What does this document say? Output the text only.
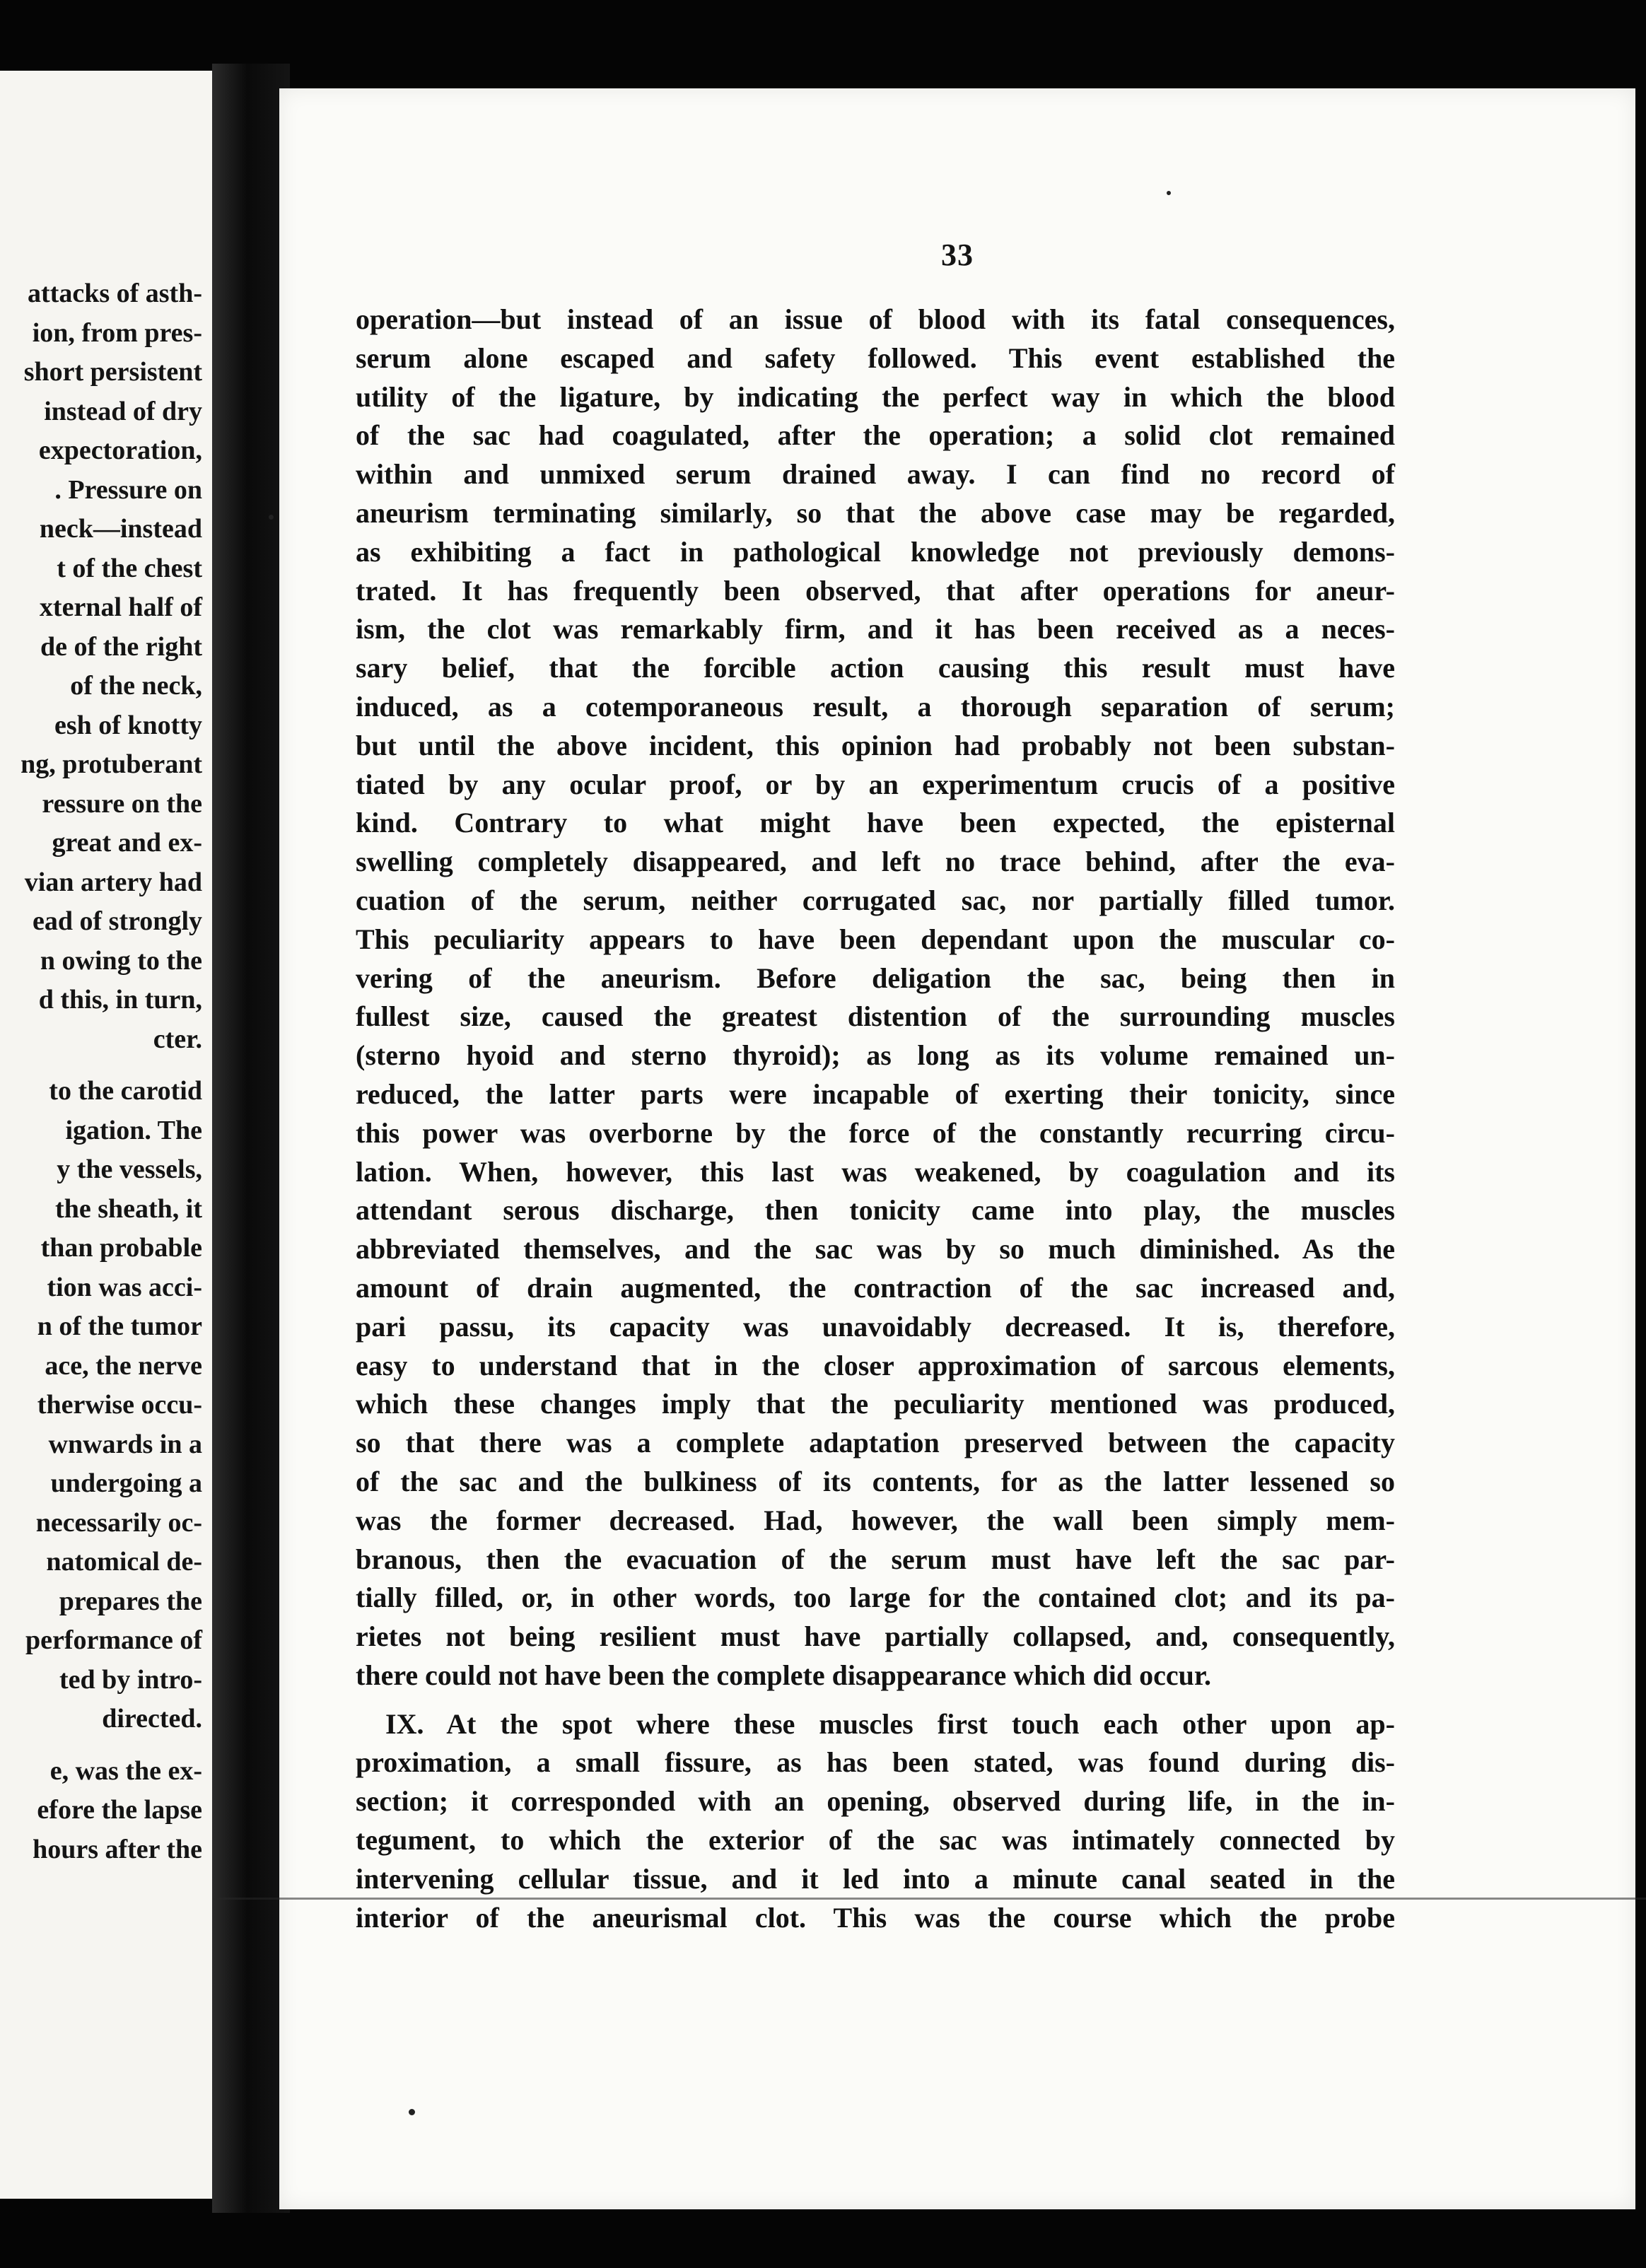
attacks of asth-
ion, from pres-
short persistent
instead of dry
expectoration,
. Pressure on
neck—instead
t of the chest
xternal half of
de of the right
of the neck,
esh of knotty
ng, protuberant
ressure on the
great and ex-
vian artery had
ead of strongly
n owing to the
d this, in turn,
cter.
to the carotid
igation. The
y the vessels,
the sheath, it
than probable
tion was acci-
n of the tumor
ace, the nerve
therwise occu-
wnwards in a
undergoing a
necessarily oc-
natomical de-
prepares the
performance of
ted by intro-
directed.
e, was the ex-
efore the lapse
hours after the
33
operation—but instead of an issue of blood with its fatal consequences,
serum alone escaped and safety followed. This event established the
utility of the ligature, by indicating the perfect way in which the blood
of the sac had coagulated, after the operation; a solid clot remained
within and unmixed serum drained away. I can find no record of
aneurism terminating similarly, so that the above case may be regarded,
as exhibiting a fact in pathological knowledge not previously demons-
trated. It has frequently been observed, that after operations for aneur-
ism, the clot was remarkably firm, and it has been received as a neces-
sary belief, that the forcible action causing this result must have
induced, as a cotemporaneous result, a thorough separation of serum;
but until the above incident, this opinion had probably not been substan-
tiated by any ocular proof, or by an experimentum crucis of a positive
kind. Contrary to what might have been expected, the episternal
swelling completely disappeared, and left no trace behind, after the eva-
cuation of the serum, neither corrugated sac, nor partially filled tumor.
This peculiarity appears to have been dependant upon the muscular co-
vering of the aneurism. Before deligation the sac, being then in
fullest size, caused the greatest distention of the surrounding muscles
(sterno hyoid and sterno thyroid); as long as its volume remained un-
reduced, the latter parts were incapable of exerting their tonicity, since
this power was overborne by the force of the constantly recurring circu-
lation. When, however, this last was weakened, by coagulation and its
attendant serous discharge, then tonicity came into play, the muscles
abbreviated themselves, and the sac was by so much diminished. As the
amount of drain augmented, the contraction of the sac increased and,
pari passu, its capacity was unavoidably decreased. It is, therefore,
easy to understand that in the closer approximation of sarcous elements,
which these changes imply that the peculiarity mentioned was produced,
so that there was a complete adaptation preserved between the capacity
of the sac and the bulkiness of its contents, for as the latter lessened so
was the former decreased. Had, however, the wall been simply mem-
branous, then the evacuation of the serum must have left the sac par-
tially filled, or, in other words, too large for the contained clot; and its pa-
rietes not being resilient must have partially collapsed, and, consequently,
there could not have been the complete disappearance which did occur.
IX. At the spot where these muscles first touch each other upon ap-
proximation, a small fissure, as has been stated, was found during dis-
section; it corresponded with an opening, observed during life, in the in-
tegument, to which the exterior of the sac was intimately connected by
intervening cellular tissue, and it led into a minute canal seated in the
interior of the aneurismal clot. This was the course which the probe
